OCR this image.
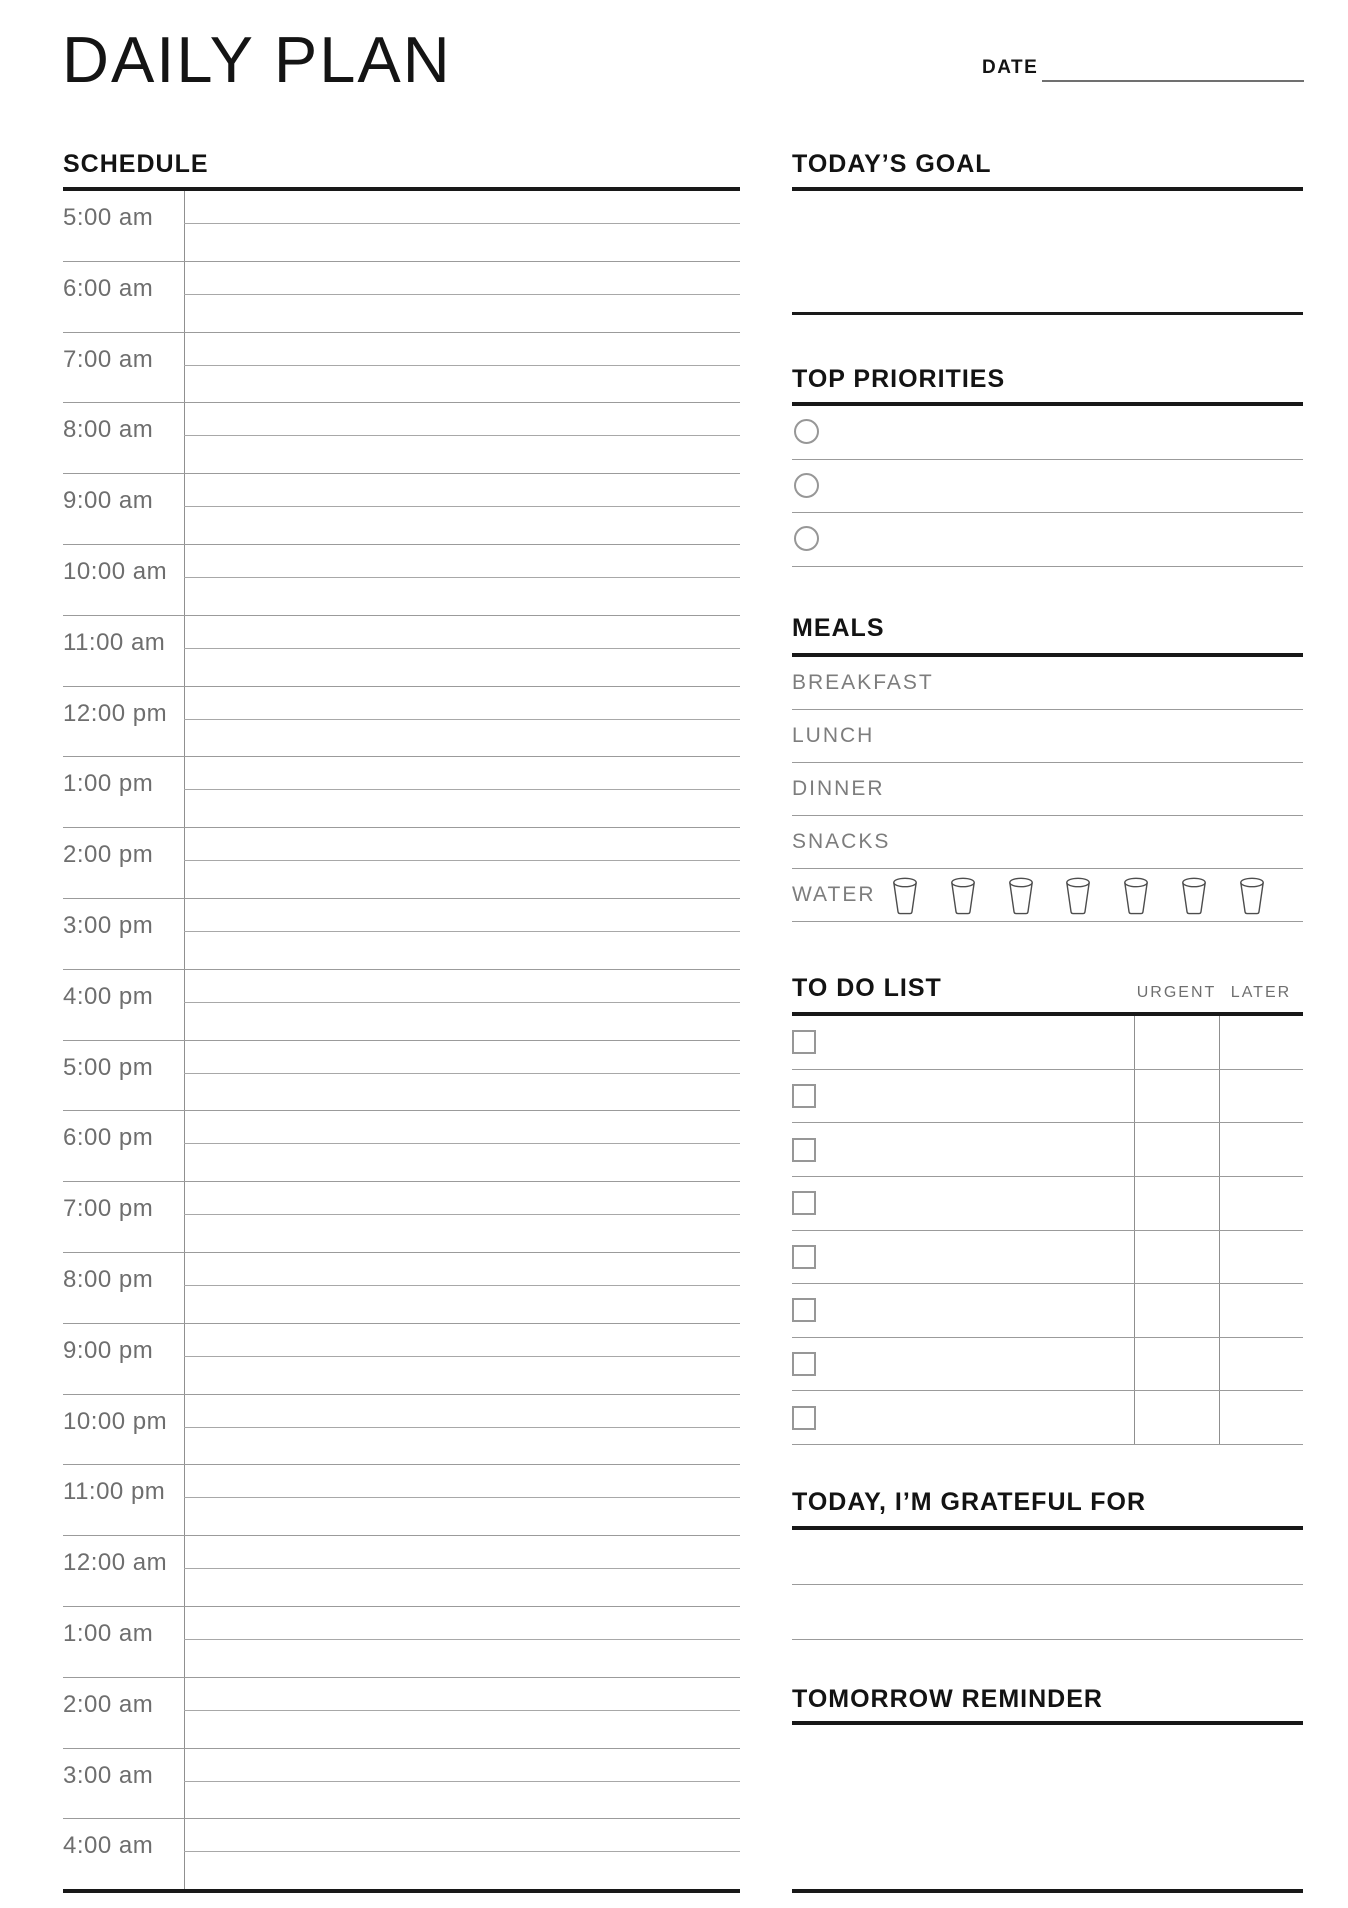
DAILY PLAN	DATE
SCHEDULE
5:00 am
6:00 am
7:00 am
8:00 am
9:00 am
10:00 am
11:00 am
12:00 pm
1:00 pm
2:00 pm
3:00 pm
4:00 pm
5:00 pm
6:00 pm
7:00 pm
8:00 pm
9:00 pm
10:00 pm
11:00 pm
12:00 am
1:00 am
2:00 am
3:00 am
4:00 am
TODAY’S GOAL
TOP PRIORITIES
MEALS
BREAKFAST
LUNCH
DINNER
SNACKS
WATER
TO DO LIST	URGENT LATER
TODAY, I’M GRATEFUL FOR
TOMORROW REMINDER
